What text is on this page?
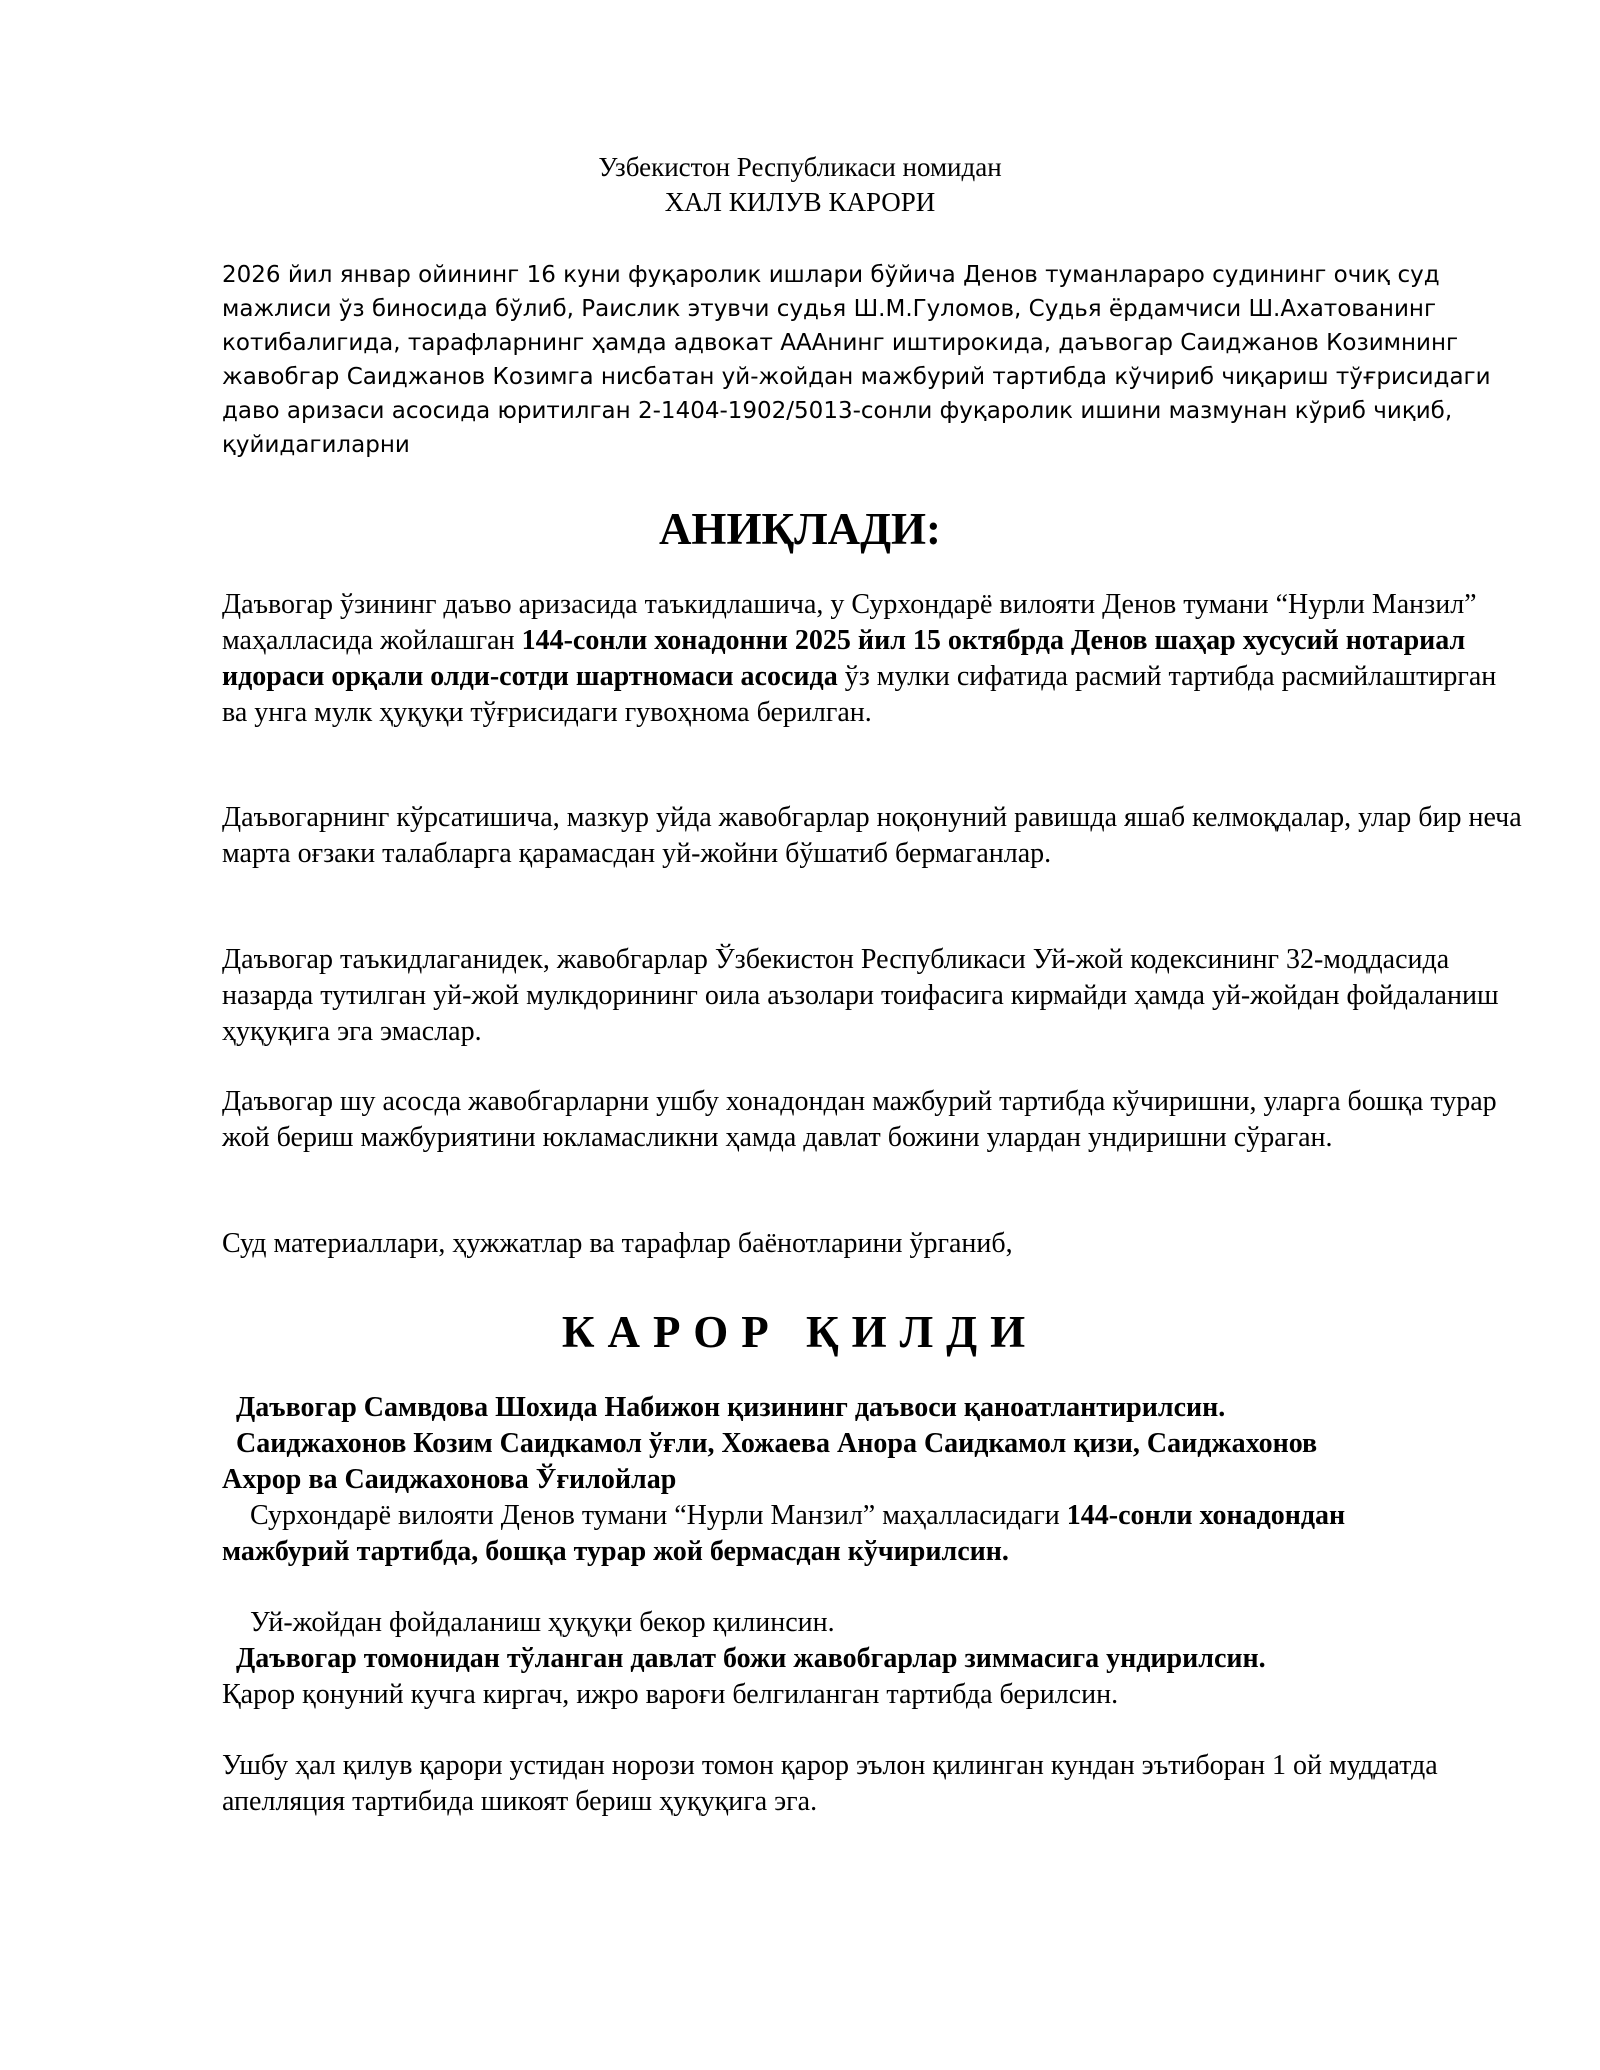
Узбекистон Республикаси номидан
ХАЛ КИЛУВ КАРОРИ

2026 йил январ ойининг 16 куни фуқаролик ишлари бўйича Денов туманлараро судининг очиқ суд мажлиси ўз биносида бўлиб, Раислик этувчи судья Ш.М.Гуломов, Судья ёрдамчиси Ш.Ахатованинг котибалигида, тарафларнинг ҳамда адвокат АААнинг иштирокида, даъвогар Саиджанов Козимнинг жавобгар Саиджанов Козимга нисбатан уй-жойдан мажбурий тартибда кўчириб чиқариш тўғрисидаги даво аризаси асосида юритилган 2-1404-1902/5013-сонли фуқаролик ишини мазмунан кўриб чиқиб, қуйидагиларни

АНИҚЛАДИ:

Даъвогар ўзининг даъво аризасида таъкидлашича, у Сурхондарё вилояти Денов тумани “Нурли Манзил” маҳалласида жойлашган 144-сонли хонадонни 2025 йил 15 октябрда Денов шаҳар хусусий нотариал идораси орқали олди-сотди шартномаси асосида ўз мулки сифатида расмий тартибда расмийлаштирган ва унга мулк ҳуқуқи тўғрисидаги гувоҳнома берилган.

Даъвогарнинг кўрсатишича, мазкур уйда жавобгарлар ноқонуний равишда яшаб келмоқдалар, улар бир неча марта оғзаки талабларга қарамасдан уй-жойни бўшатиб бермаганлар.

Даъвогар таъкидлаганидек, жавобгарлар Ўзбекистон Республикаси Уй-жой кодексининг 32-моддасида назарда тутилган уй-жой мулкдорининг оила аъзолари тоифасига кирмайди ҳамда уй-жойдан фойдаланиш ҳуқуқига эга эмаслар.

Даъвогар шу асосда жавобгарларни ушбу хонадондан мажбурий тартибда кўчиришни, уларга бошқа турар жой бериш мажбуриятини юкламасликни ҳамда давлат божини улардан ундиришни сўраган.

Суд материаллари, ҳужжатлар ва тарафлар баёнотларини ўрганиб,

КАРОР ҚИЛДИ

Даъвогар Самвдова Шохида Набижон қизининг даъвоси қаноатлантирилсин.

Саиджахонов Козим Саидкамол ўғли, Хожаева Анора Саидкамол қизи, Саиджахонов

Ахрор ва Саиджахонова Ўғилойлар

Сурхондарё вилояти Денов тумани “Нурли Манзил” маҳалласидаги 144-сонли хонадондан

мажбурий тартибда, бошқа турар жой бермасдан кўчирилсин.

Уй-жойдан фойдаланиш ҳуқуқи бекор қилинсин.

Даъвогар томонидан тўланган давлат божи жавобгарлар зиммасига ундирилсин.

Қарор қонуний кучга киргач, ижро вароғи белгиланган тартибда берилсин.

Ушбу ҳал қилув қарори устидан норози томон қарор эълон қилинган кундан эътиборан 1 ой муддатда апелляция тартибида шикоят бериш ҳуқуқига эга.
